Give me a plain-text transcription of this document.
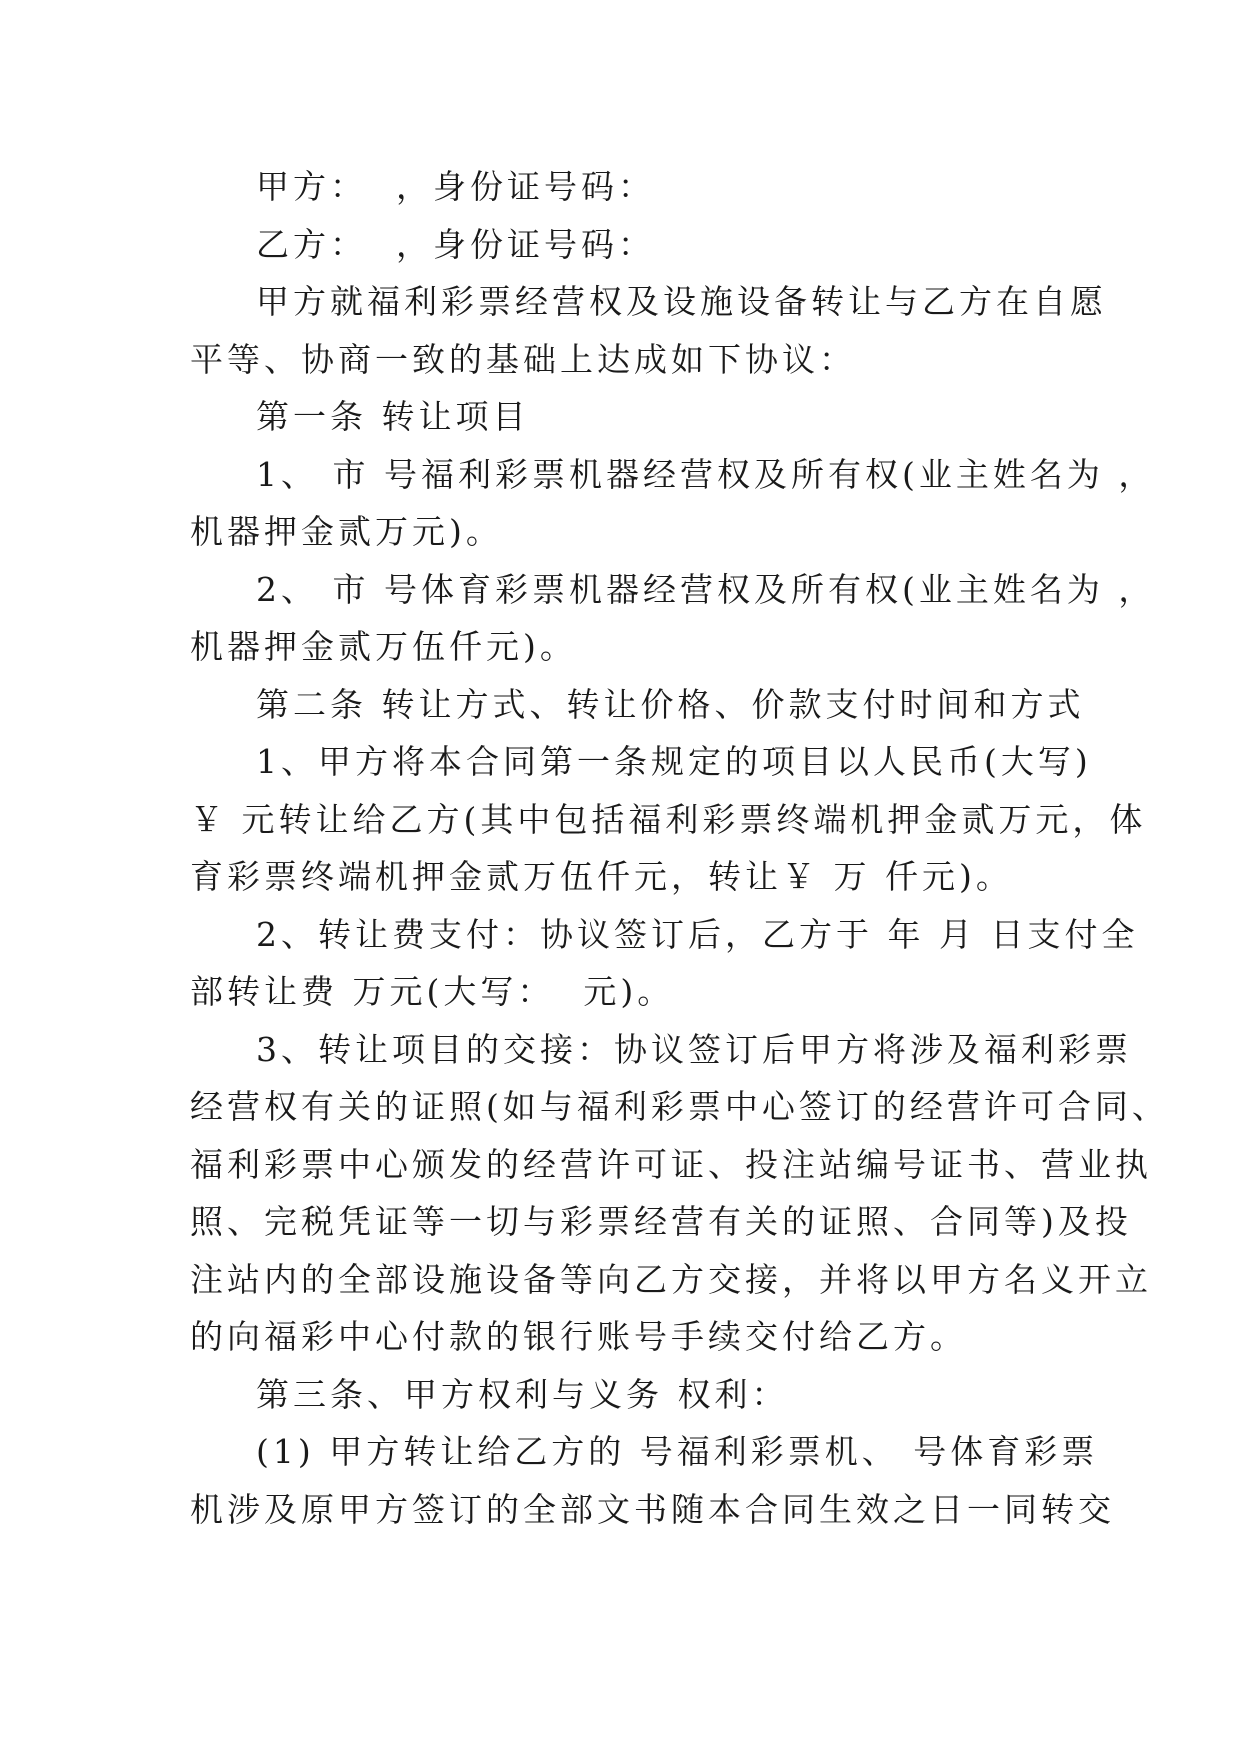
甲方：  ，身份证号码：
乙方：  ，身份证号码：
甲方就福利彩票经营权及设施设备转让与乙方在自愿
平等、协商一致的基础上达成如下协议：
第一条 转让项目
1、 市 号福利彩票机器经营权及所有权(业主姓名为 ，
机器押金贰万元)。
2、 市 号体育彩票机器经营权及所有权(业主姓名为 ，
机器押金贰万伍仟元)。
第二条 转让方式、转让价格、价款支付时间和方式
1、甲方将本合同第一条规定的项目以人民币(大写)
￥ 元转让给乙方(其中包括福利彩票终端机押金贰万元，体
育彩票终端机押金贰万伍仟元，转让￥ 万 仟元)。
2、转让费支付：协议签订后，乙方于 年 月 日支付全
部转让费 万元(大写：  元)。
3、转让项目的交接：协议签订后甲方将涉及福利彩票
经营权有关的证照(如与福利彩票中心签订的经营许可合同、
福利彩票中心颁发的经营许可证、投注站编号证书、营业执
照、完税凭证等一切与彩票经营有关的证照、合同等)及投
注站内的全部设施设备等向乙方交接，并将以甲方名义开立
的向福彩中心付款的银行账号手续交付给乙方。
第三条、甲方权利与义务 权利：
(1) 甲方转让给乙方的 号福利彩票机、 号体育彩票
机涉及原甲方签订的全部文书随本合同生效之日一同转交
